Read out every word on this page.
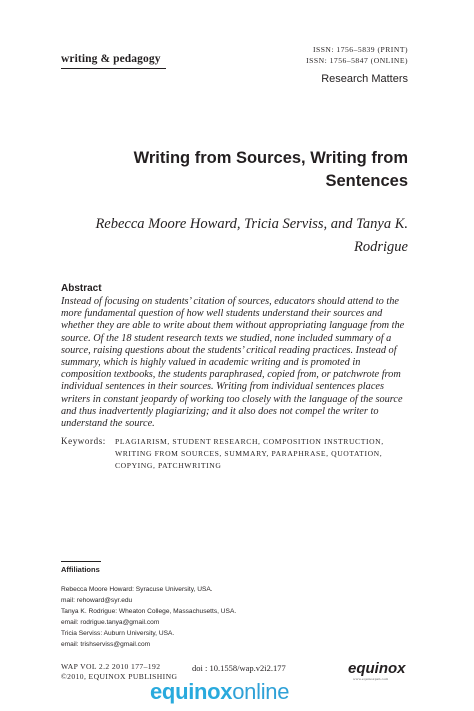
writing & pedagogy
ISSN: 1756–5839 (PRINT)
ISSN: 1756–5847 (ONLINE)
Research Matters
Writing from Sources, Writing from
Sentences
Rebecca Moore Howard, Tricia Serviss, and Tanya K.
Rodrigue
Abstract
Instead of focusing on students’ citation of sources, educators should attend to the more fundamental question of how well students understand their sources and whether they are able to write about them without appropriating language from the source. Of the 18 student research texts we studied, none included summary of a source, raising questions about the students’ critical reading practices. Instead of summary, which is highly valued in academic writing and is promoted in composition textbooks, the students paraphrased, copied from, or patchwrote from individual sentences in their sources. Writing from individual sentences places writers in constant jeopardy of working too closely with the language of the source and thus inadvertently plagiarizing; and it also does not compel the writer to understand the source.
Keywords: PLAGIARISM, STUDENT RESEARCH, COMPOSITION INSTRUCTION, WRITING FROM SOURCES, SUMMARY, PARAPHRASE, QUOTATION, COPYING, PATCHWRITING
Affiliations
Rebecca Moore Howard: Syracuse University, USA.
mail: rehoward@syr.edu
Tanya K. Rodrigue: Wheaton College, Massachusetts, USA.
email: rodrigue.tanya@gmail.com
Tricia Serviss: Auburn University, USA.
email: trishserviss@gmail.com
WAP VOL 2.2 2010 177–192
©2010, EQUINOX PUBLISHING
doi : 10.1558/wap.v2i2.177	equinox
www.equinoxpub.com
equinoxonline
